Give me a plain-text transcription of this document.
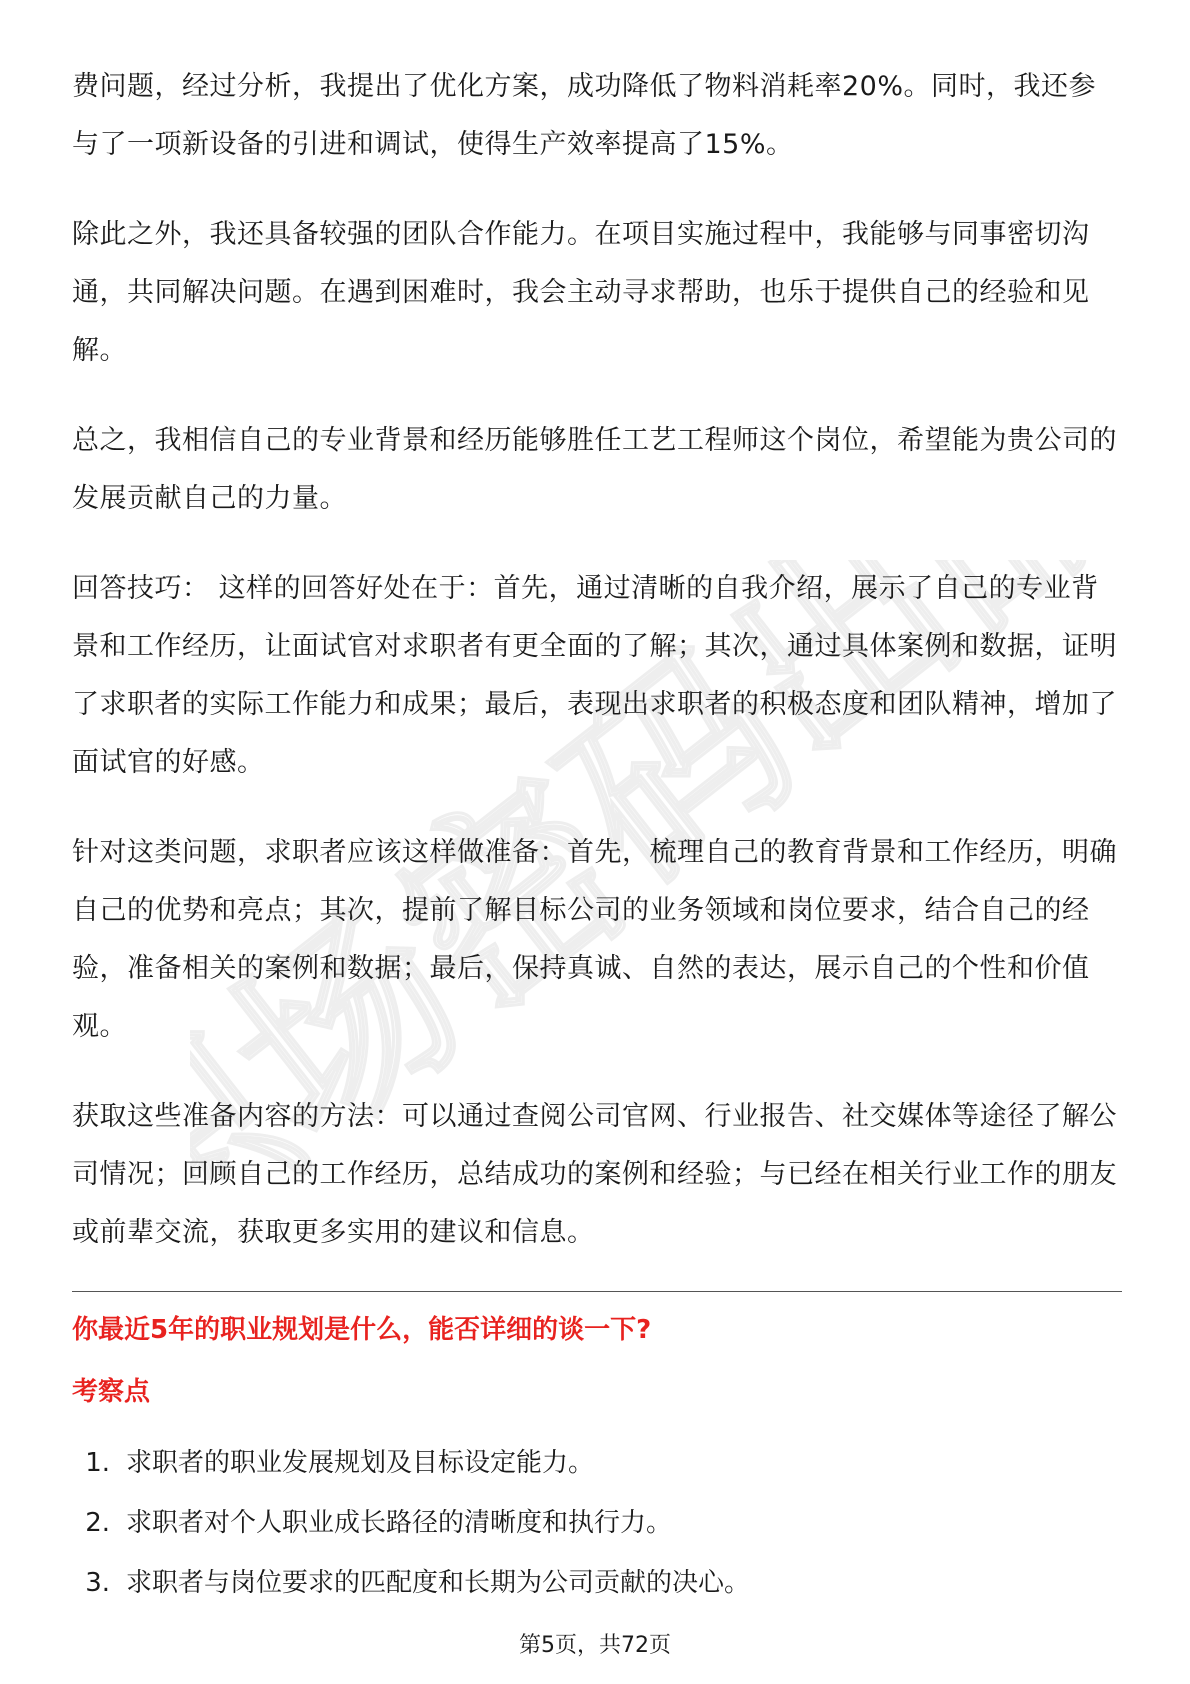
职场密码出品

费问题，经过分析，我提出了优化方案，成功降低了物料消耗率20%。同时，我还参与了一项新设备的引进和调试，使得生产效率提高了15%。

除此之外，我还具备较强的团队合作能力。在项目实施过程中，我能够与同事密切沟通，共同解决问题。在遇到困难时，我会主动寻求帮助，也乐于提供自己的经验和见解。

总之，我相信自己的专业背景和经历能够胜任工艺工程师这个岗位，希望能为贵公司的发展贡献自己的力量。

回答技巧： 这样的回答好处在于：首先，通过清晰的自我介绍，展示了自己的专业背景和工作经历，让面试官对求职者有更全面的了解；其次，通过具体案例和数据，证明了求职者的实际工作能力和成果；最后，表现出求职者的积极态度和团队精神，增加了面试官的好感。

针对这类问题，求职者应该这样做准备：首先，梳理自己的教育背景和工作经历，明确自己的优势和亮点；其次，提前了解目标公司的业务领域和岗位要求，结合自己的经验，准备相关的案例和数据；最后，保持真诚、自然的表达，展示自己的个性和价值观。

获取这些准备内容的方法：可以通过查阅公司官网、行业报告、社交媒体等途径了解公司情况；回顾自己的工作经历，总结成功的案例和经验；与已经在相关行业工作的朋友或前辈交流，获取更多实用的建议和信息。

你最近5年的职业规划是什么，能否详细的谈一下?
考察点
1. 求职者的职业发展规划及目标设定能力。
2. 求职者对个人职业成长路径的清晰度和执行力。
3. 求职者与岗位要求的匹配度和长期为公司贡献的决心。
第5页，共72页
